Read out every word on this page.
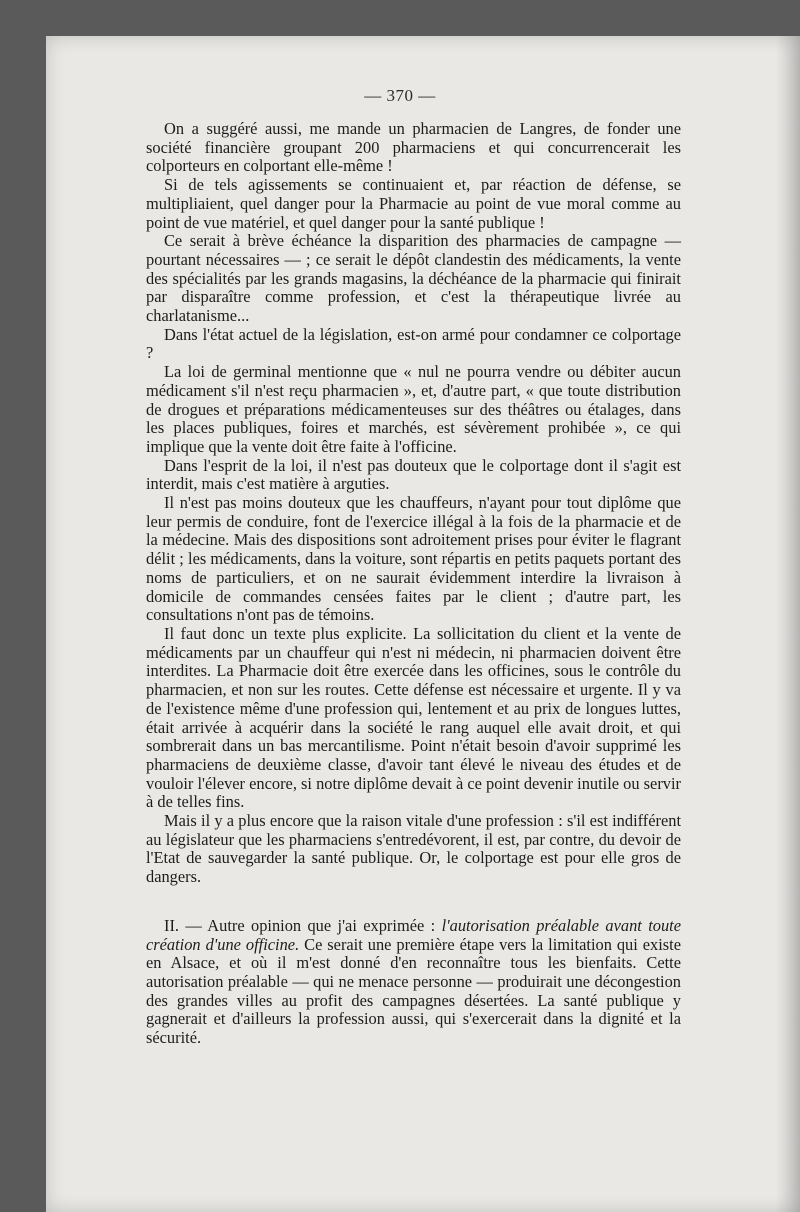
— 370 —

On a suggéré aussi, me mande un pharmacien de Langres, de fonder une société financière groupant 200 pharmaciens et qui concurrencerait les colporteurs en colportant elle-même !

Si de tels agissements se continuaient et, par réaction de défense, se multipliaient, quel danger pour la Pharmacie au point de vue moral comme au point de vue matériel, et quel danger pour la santé publique !

Ce serait à brève échéance la disparition des pharmacies de campagne — pourtant nécessaires — ; ce serait le dépôt clandestin des médicaments, la vente des spécialités par les grands magasins, la déchéance de la pharmacie qui finirait par disparaître comme profession, et c'est la thérapeutique livrée au charlatanisme...

Dans l'état actuel de la législation, est-on armé pour condamner ce colportage ?

La loi de germinal mentionne que « nul ne pourra vendre ou débiter aucun médicament s'il n'est reçu pharmacien », et, d'autre part, « que toute distribution de drogues et préparations médicamenteuses sur des théâtres ou étalages, dans les places publiques, foires et marchés, est sévèrement prohibée », ce qui implique que la vente doit être faite à l'officine.

Dans l'esprit de la loi, il n'est pas douteux que le colportage dont il s'agit est interdit, mais c'est matière à arguties.

Il n'est pas moins douteux que les chauffeurs, n'ayant pour tout diplôme que leur permis de conduire, font de l'exercice illégal à la fois de la pharmacie et de la médecine. Mais des dispositions sont adroitement prises pour éviter le flagrant délit ; les médicaments, dans la voiture, sont répartis en petits paquets portant des noms de particuliers, et on ne saurait évidemment interdire la livraison à domicile de commandes censées faites par le client ; d'autre part, les consultations n'ont pas de témoins.

Il faut donc un texte plus explicite. La sollicitation du client et la vente de médicaments par un chauffeur qui n'est ni médecin, ni pharmacien doivent être interdites. La Pharmacie doit être exercée dans les officines, sous le contrôle du pharmacien, et non sur les routes. Cette défense est nécessaire et urgente. Il y va de l'existence même d'une profession qui, lentement et au prix de longues luttes, était arrivée à acquérir dans la société le rang auquel elle avait droit, et qui sombrerait dans un bas mercantilisme. Point n'était besoin d'avoir supprimé les pharmaciens de deuxième classe, d'avoir tant élevé le niveau des études et de vouloir l'élever encore, si notre diplôme devait à ce point devenir inutile ou servir à de telles fins.

Mais il y a plus encore que la raison vitale d'une profession : s'il est indifférent au législateur que les pharmaciens s'entredévorent, il est, par contre, du devoir de l'Etat de sauvegarder la santé publique. Or, le colportage est pour elle gros de dangers.

II. — Autre opinion que j'ai exprimée : l'autorisation préalable avant toute création d'une officine. Ce serait une première étape vers la limitation qui existe en Alsace, et où il m'est donné d'en reconnaître tous les bienfaits. Cette autorisation préalable — qui ne menace personne — produirait une décongestion des grandes villes au profit des campagnes désertées. La santé publique y gagnerait et d'ailleurs la profession aussi, qui s'exercerait dans la dignité et la sécurité.
